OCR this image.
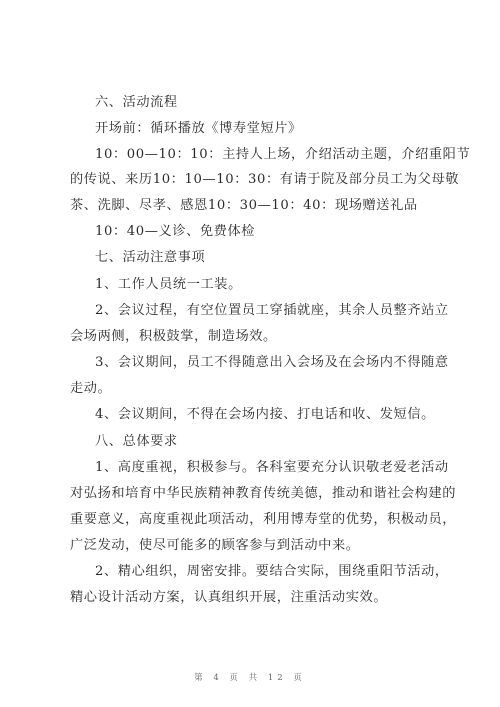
六、活动流程
开场前：循环播放《博寿堂短片》
10：00—10：10：主持人上场，介绍活动主题，介绍重阳节
的传说、来历10：10—10：30：有请于院及部分员工为父母敬
茶、洗脚、尽孝、感恩10：30—10：40：现场赠送礼品
10：40—义诊、免费体检
七、活动注意事项
1、工作人员统一工装。
2、会议过程，有空位置员工穿插就座，其余人员整齐站立
会场两侧，积极鼓掌，制造场效。
3、会议期间，员工不得随意出入会场及在会场内不得随意
走动。
4、会议期间，不得在会场内接、打电话和收、发短信。
八、总体要求
1、高度重视，积极参与。各科室要充分认识敬老爱老活动
对弘扬和培育中华民族精神教育传统美德，推动和谐社会构建的
重要意义，高度重视此项活动，利用博寿堂的优势，积极动员，
广泛发动，使尽可能多的顾客参与到活动中来。
2、精心组织，周密安排。要结合实际，围绕重阳节活动，
精心设计活动方案，认真组织开展，注重活动实效。
第 4 页 共 12 页
